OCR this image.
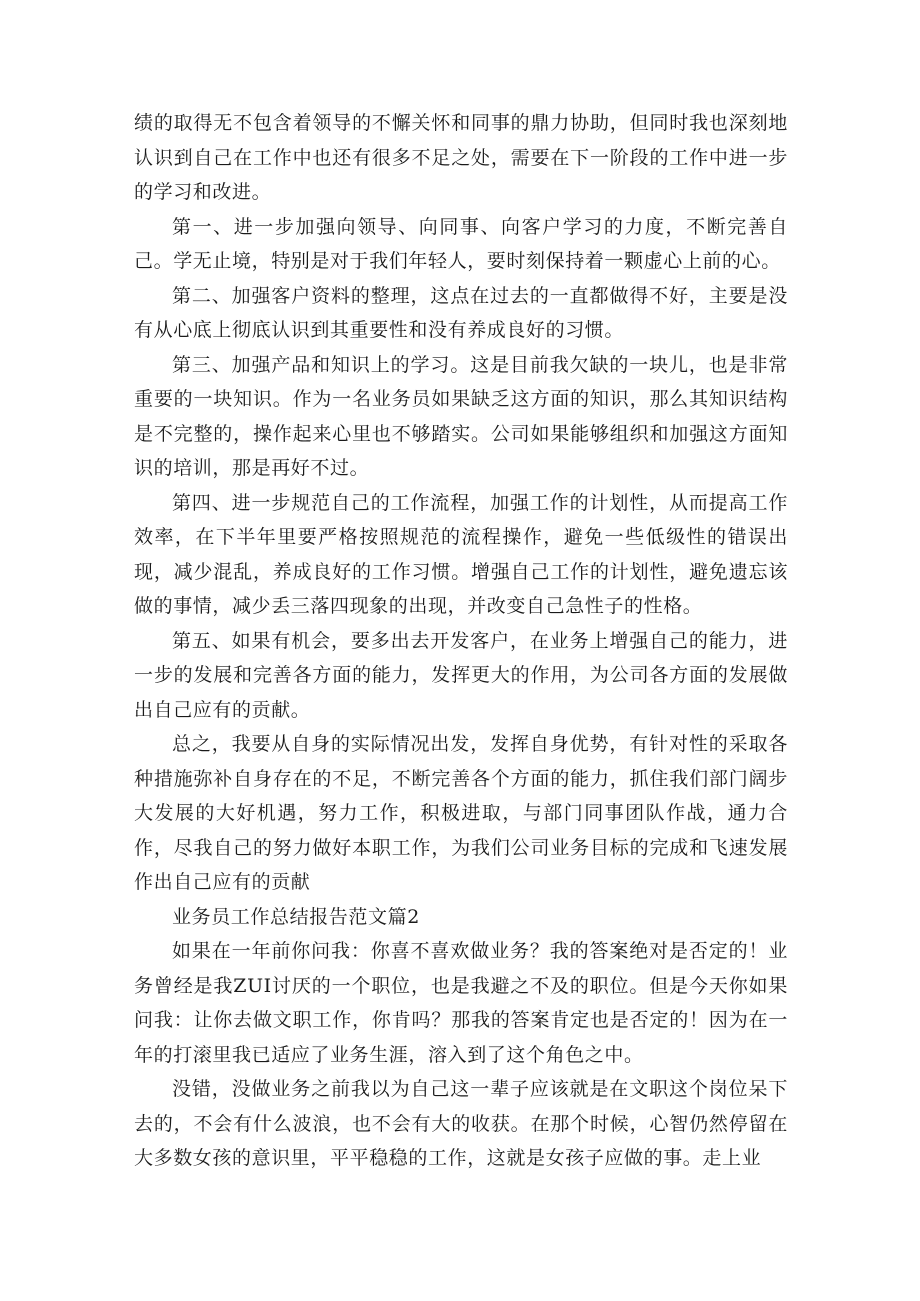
绩的取得无不包含着领导的不懈关怀和同事的鼎力协助，但同时我也深刻地认识到自己在工作中也还有很多不足之处，需要在下一阶段的工作中进一步的学习和改进。

第一、进一步加强向领导、向同事、向客户学习的力度，不断完善自己。学无止境，特别是对于我们年轻人，要时刻保持着一颗虚心上前的心。

第二、加强客户资料的整理，这点在过去的一直都做得不好，主要是没有从心底上彻底认识到其重要性和没有养成良好的习惯。

第三、加强产品和知识上的学习。这是目前我欠缺的一块儿，也是非常重要的一块知识。作为一名业务员如果缺乏这方面的知识，那么其知识结构是不完整的，操作起来心里也不够踏实。公司如果能够组织和加强这方面知识的培训，那是再好不过。

第四、进一步规范自己的工作流程，加强工作的计划性，从而提高工作效率，在下半年里要严格按照规范的流程操作，避免一些低级性的错误出现，减少混乱，养成良好的工作习惯。增强自己工作的计划性，避免遗忘该做的事情，减少丢三落四现象的出现，并改变自己急性子的性格。

第五、如果有机会，要多出去开发客户，在业务上增强自己的能力，进一步的发展和完善各方面的能力，发挥更大的作用，为公司各方面的发展做出自己应有的贡献。

总之，我要从自身的实际情况出发，发挥自身优势，有针对性的采取各种措施弥补自身存在的不足，不断完善各个方面的能力，抓住我们部门阔步大发展的大好机遇，努力工作，积极进取，与部门同事团队作战，通力合作，尽我自己的努力做好本职工作，为我们公司业务目标的完成和飞速发展作出自己应有的贡献

业务员工作总结报告范文篇2

如果在一年前你问我：你喜不喜欢做业务？我的答案绝对是否定的！业务曾经是我ZUI讨厌的一个职位，也是我避之不及的职位。但是今天你如果问我：让你去做文职工作，你肯吗？那我的答案肯定也是否定的！因为在一年的打滚里我已适应了业务生涯，溶入到了这个角色之中。

没错，没做业务之前我以为自己这一辈子应该就是在文职这个岗位呆下去的，不会有什么波浪，也不会有大的收获。在那个时候，心智仍然停留在大多数女孩的意识里，平平稳稳的工作，这就是女孩子应做的事。走上业
